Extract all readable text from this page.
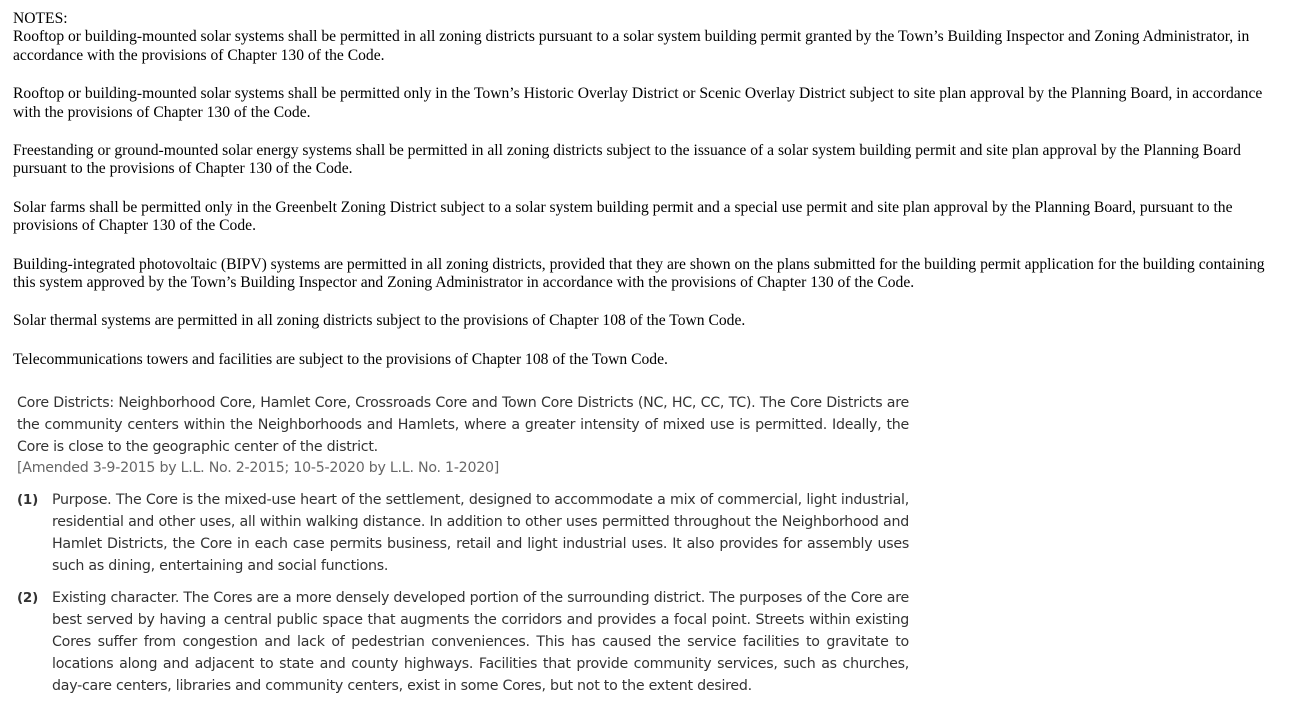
NOTES:

Rooftop or building-mounted solar systems shall be permitted in all zoning districts pursuant to a solar system building permit granted by the Town’s Building Inspector and Zoning Administrator, in accordance with the provisions of Chapter 130 of the Code.

Rooftop or building-mounted solar systems shall be permitted only in the Town’s Historic Overlay District or Scenic Overlay District subject to site plan approval by the Planning Board, in accordance with the provisions of Chapter 130 of the Code.

Freestanding or ground-mounted solar energy systems shall be permitted in all zoning districts subject to the issuance of a solar system building permit and site plan approval by the Planning Board pursuant to the provisions of Chapter 130 of the Code.

Solar farms shall be permitted only in the Greenbelt Zoning District subject to a solar system building permit and a special use permit and site plan approval by the Planning Board, pursuant to the provisions of Chapter 130 of the Code.

Building-integrated photovoltaic (BIPV) systems are permitted in all zoning districts, provided that they are shown on the plans submitted for the building permit application for the building containing this system approved by the Town’s Building Inspector and Zoning Administrator in accordance with the provisions of Chapter 130 of the Code.

Solar thermal systems are permitted in all zoning districts subject to the provisions of Chapter 108 of the Town Code.

Telecommunications towers and facilities are subject to the provisions of Chapter 108 of the Town Code.

Core Districts: Neighborhood Core, Hamlet Core, Crossroads Core and Town Core Districts (NC, HC, CC, TC). The Core Districts are the community centers within the Neighborhoods and Hamlets, where a greater intensity of mixed use is permitted. Ideally, the Core is close to the geographic center of the district.
[Amended 3-9-2015 by L.L. No. 2-2015; 10-5-2020 by L.L. No. 1-2020]
(1) Purpose. The Core is the mixed-use heart of the settlement, designed to accommodate a mix of commercial, light industrial, residential and other uses, all within walking distance. In addition to other uses permitted throughout the Neighborhood and Hamlet Districts, the Core in each case permits business, retail and light industrial uses. It also provides for assembly uses such as dining, entertaining and social functions.
(2) Existing character. The Cores are a more densely developed portion of the surrounding district. The purposes of the Core are best served by having a central public space that augments the corridors and provides a focal point. Streets within existing Cores suffer from congestion and lack of pedestrian conveniences. This has caused the service facilities to gravitate to locations along and adjacent to state and county highways. Facilities that provide community services, such as churches, day-care centers, libraries and community centers, exist in some Cores, but not to the extent desired.
